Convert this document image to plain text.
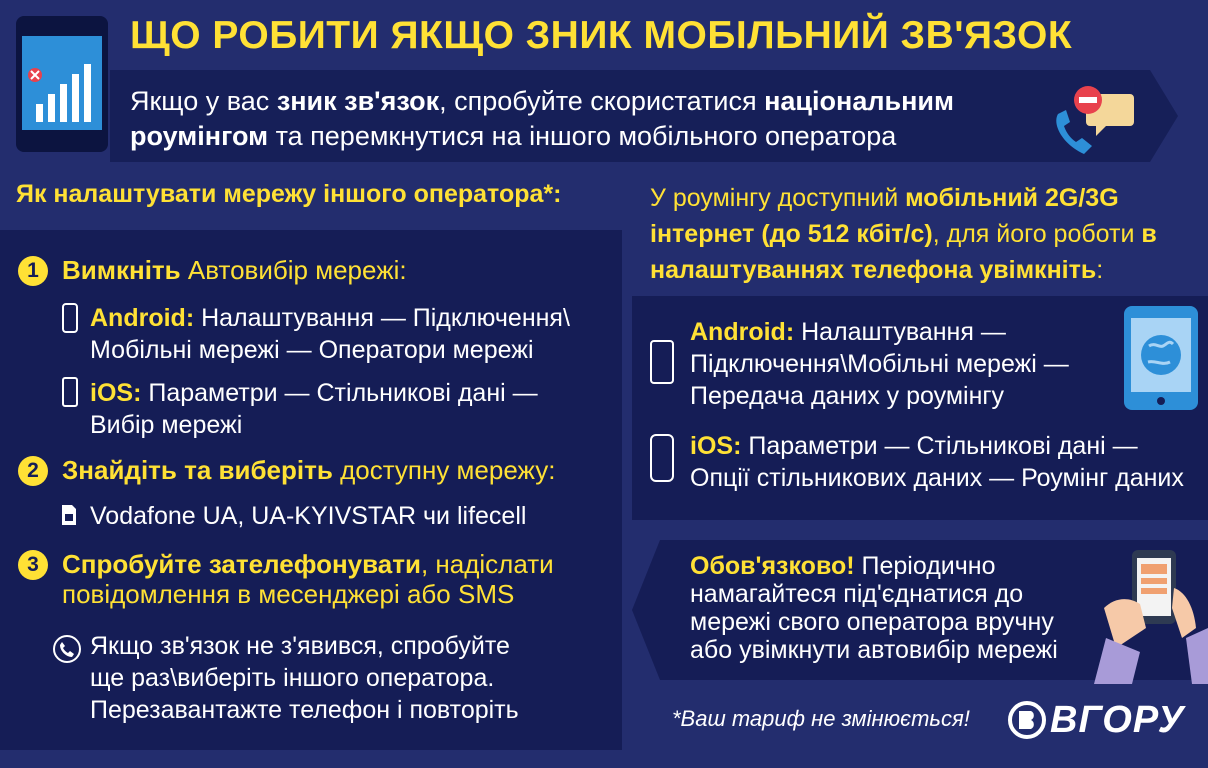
ЩО РОБИТИ ЯКЩО ЗНИК МОБІЛЬНИЙ ЗВ'ЯЗОК
Якщо у вас зник зв'язок, спробуйте скористатися національним роумінгом та перемкнутися на іншого мобільного оператора
Як налаштувати мережу іншого оператора*:
1 Вимкніть Автовибір мережі:
Android: Налаштування — Підключення\ Мобільні мережі — Оператори мережі
iOS: Параметри — Стільникові дані — Вибір мережі
2 Знайдіть та виберіть доступну мережу:
Vodafone UA, UA-KYIVSTAR чи lifecell
3 Спробуйте зателефонувати, надіслати повідомлення в месенджері або SMS
Якщо зв'язок не з'явився, спробуйте ще раз\виберіть іншого оператора. Перезавантажте телефон і повторіть
У роумінгу доступний мобільний 2G/3G інтернет (до 512 кбіт/с), для його роботи в налаштуваннях телефона увімкніть:
Android: Налаштування — Підключення\Мобільні мережі — Передача даних у роумінгу
iOS: Параметри — Стільникові дані — Опції стільникових даних — Роумінг даних
Обов'язково! Періодично намагайтеся під'єднатися до мережі свого оператора вручну або увімкнути автовибір мережі
*Ваш тариф не змінюється! ВГОРУ
